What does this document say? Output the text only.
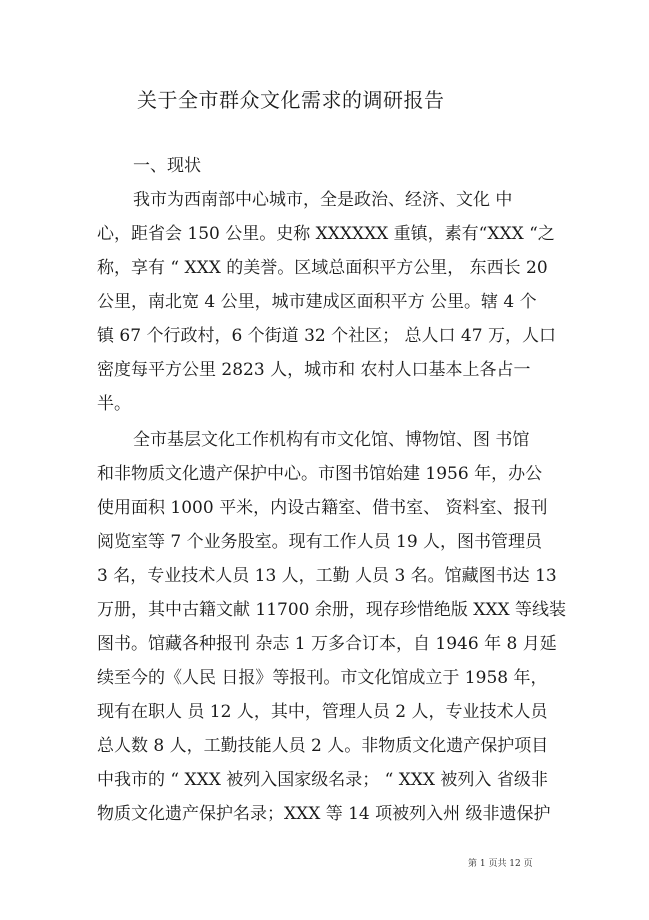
关于全市群众文化需求的调研报告
一、现状
我市为西南部中心城市，全是政治、经济、文化 中
心，距省会 150 公里。史称 XXXXXX 重镇，素有“XXX “之
称，享有 “ XXX 的美誉。区域总面积平方公里， 东西长 20
公里，南北宽 4 公里，城市建成区面积平方 公里。辖 4 个
镇 67 个行政村，6 个街道 32 个社区； 总人口 47 万，人口
密度每平方公里 2823 人，城市和 农村人口基本上各占一
半。
全市基层文化工作机构有市文化馆、博物馆、图 书馆
和非物质文化遗产保护中心。市图书馆始建 1956 年，办公
使用面积 1000 平米，内设古籍室、借书室、 资料室、报刊
阅览室等 7 个业务股室。现有工作人员 19 人，图书管理员
3 名，专业技术人员 13 人，工勤 人员 3 名。馆藏图书达 13
万册，其中古籍文献 11700 余册，现存珍惜绝版 XXX 等线装
图书。馆藏各种报刊 杂志 1 万多合订本，自 1946 年 8 月延
续至今的《人民 日报》等报刊。市文化馆成立于 1958 年，
现有在职人 员 12 人，其中，管理人员 2 人，专业技术人员
总人数 8 人，工勤技能人员 2 人。非物质文化遗产保护项目
中我市的 “ XXX 被列入国家级名录； “ XXX 被列入 省级非
物质文化遗产保护名录；XXX 等 14 项被列入州 级非遗保护
第 1 页共 12 页
